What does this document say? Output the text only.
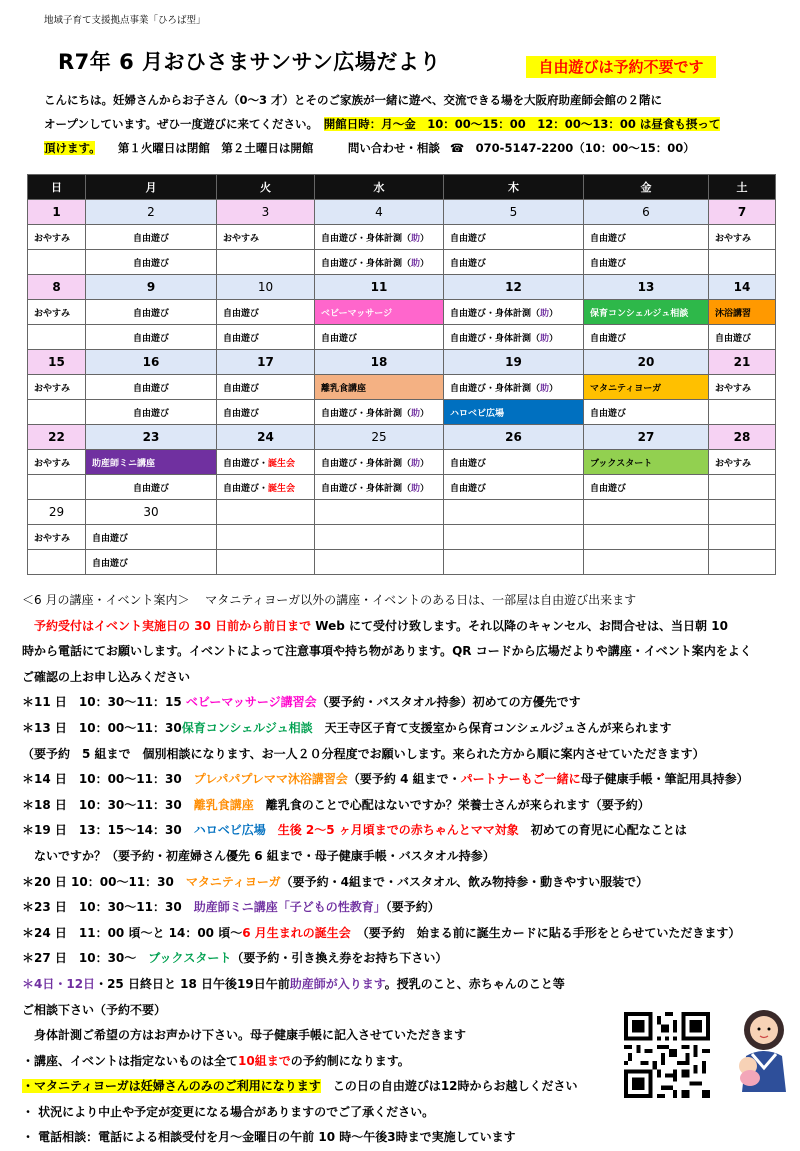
地域子育て支援拠点事業「ひろば型」
R7年 6 月おひさまサンサン広場だより	自由遊びは予約不要です
こんにちは。妊婦さんからお子さん（0～3 才）とそのご家族が一緒に遊べ、交流できる場を大阪府助産師会館の２階に
オープンしています。ぜひ一度遊びに来てください。　 開館日時：月～金　10：00～15：00　12：00～13：00 は昼食も摂って
頂けます。　　 第１火曜日は閉館　第２土曜日は開館　　　	問い合わせ・相談 ☎　070-5147-2200（10：00～15：00）
日	月	火	水	木	金	土
1	2	3	4	5	6	7
おやすみ	自由遊び	おやすみ	自由遊び・身体計測（助）	自由遊び	自由遊び	おやすみ
	自由遊び		自由遊び・身体計測（助）	自由遊び	自由遊び	
8	9	10	11	12	13	14
おやすみ	自由遊び	自由遊び	ベビーマッサージ	自由遊び・身体計測（助）	保育コンシェルジュ相談	沐浴講習
	自由遊び	自由遊び	自由遊び	自由遊び・身体計測（助）	自由遊び	自由遊び
15	16	17	18	19	20	21
おやすみ	自由遊び	自由遊び	離乳食講座	自由遊び・身体計測（助）	マタニティヨーガ	おやすみ
	自由遊び	自由遊び	自由遊び・身体計測（助）	ハロベビ広場	自由遊び	
22	23	24	25	26	27	28
おやすみ	助産師ミニ講座	自由遊び・誕生会	自由遊び・身体計測（助）	自由遊び	ブックスタート	おやすみ
	自由遊び	自由遊び・誕生会	自由遊び・身体計測（助）	自由遊び	自由遊び	
29	30					
おやすみ	自由遊び					
	自由遊び					
＜6 月の講座・イベント案内＞　 マタニティヨーガ以外の講座・イベントのある日は、一部屋は自由遊び出来ます
　予約受付はイベント実施日の 30 日前から前日まで Web にて受付け致します。それ以降のキャンセル、お問合せは、当日朝 10
時から電話にてお願いします。イベントによって注意事項や持ち物があります。QR コードから広場だよりや講座・イベント案内をよく
ご確認の上お申し込みください
＊11 日　10：30～11：15 ベビーマッサージ講習会（要予約・バスタオル持参）初めての方優先です
＊13 日　10：00～11：30保育コンシェルジュ相談　天王寺区子育て支援室から保育コンシェルジュさんが来られます
（要予約　5 組まで　個別相談になります、お一人２０分程度でお願いします。来られた方から順に案内させていただきます）
＊14 日　10：00～11：30　プレパパプレママ沐浴講習会（要予約 4 組まで・パートナーもご一緒に母子健康手帳・筆記用具持参）
＊18 日　10：30～11：30　離乳食講座　離乳食のことで心配はないですか？栄養士さんが来られます（要予約）
＊19 日　13：15～14：30　ハロベビ広場　生後 2～5 ヶ月頃までの赤ちゃんとママ対象　初めての育児に心配なことは
　ないですか？（要予約・初産婦さん優先 6 組まで・母子健康手帳・バスタオル持参）
＊20 日 10：00～11：30　マタニティヨーガ（要予約・4組まで・バスタオル、飲み物持参・動きやすい服装で）
＊23 日　10：30～11：30　助産師ミニ講座「子どもの性教育」（要予約）
＊24 日　11：00 頃～と 14：00 頃～6 月生まれの誕生会　（要予約　始まる前に誕生カードに貼る手形をとらせていただきます）
＊27 日　10：30～　ブックスタート（要予約・引き換え券をお持ち下さい）
＊4日・12日・25 日終日と 18 日午後19日午前助産師が入ります。授乳のこと、赤ちゃんのこと等
ご相談下さい（予約不要）
　身体計測ご希望の方はお声かけ下さい。母子健康手帳に記入させていただきます
・講座、イベントは指定ないものは全て10組までの予約制になります。
・マタニティヨーガは妊婦さんのみのご利用になります　この日の自由遊びは12時からお越しください
・ 状況により中止や予定が変更になる場合がありますのでご了承ください。
・ 電話相談：電話による相談受付を月～金曜日の午前 10 時～午後3時まで実施しています
